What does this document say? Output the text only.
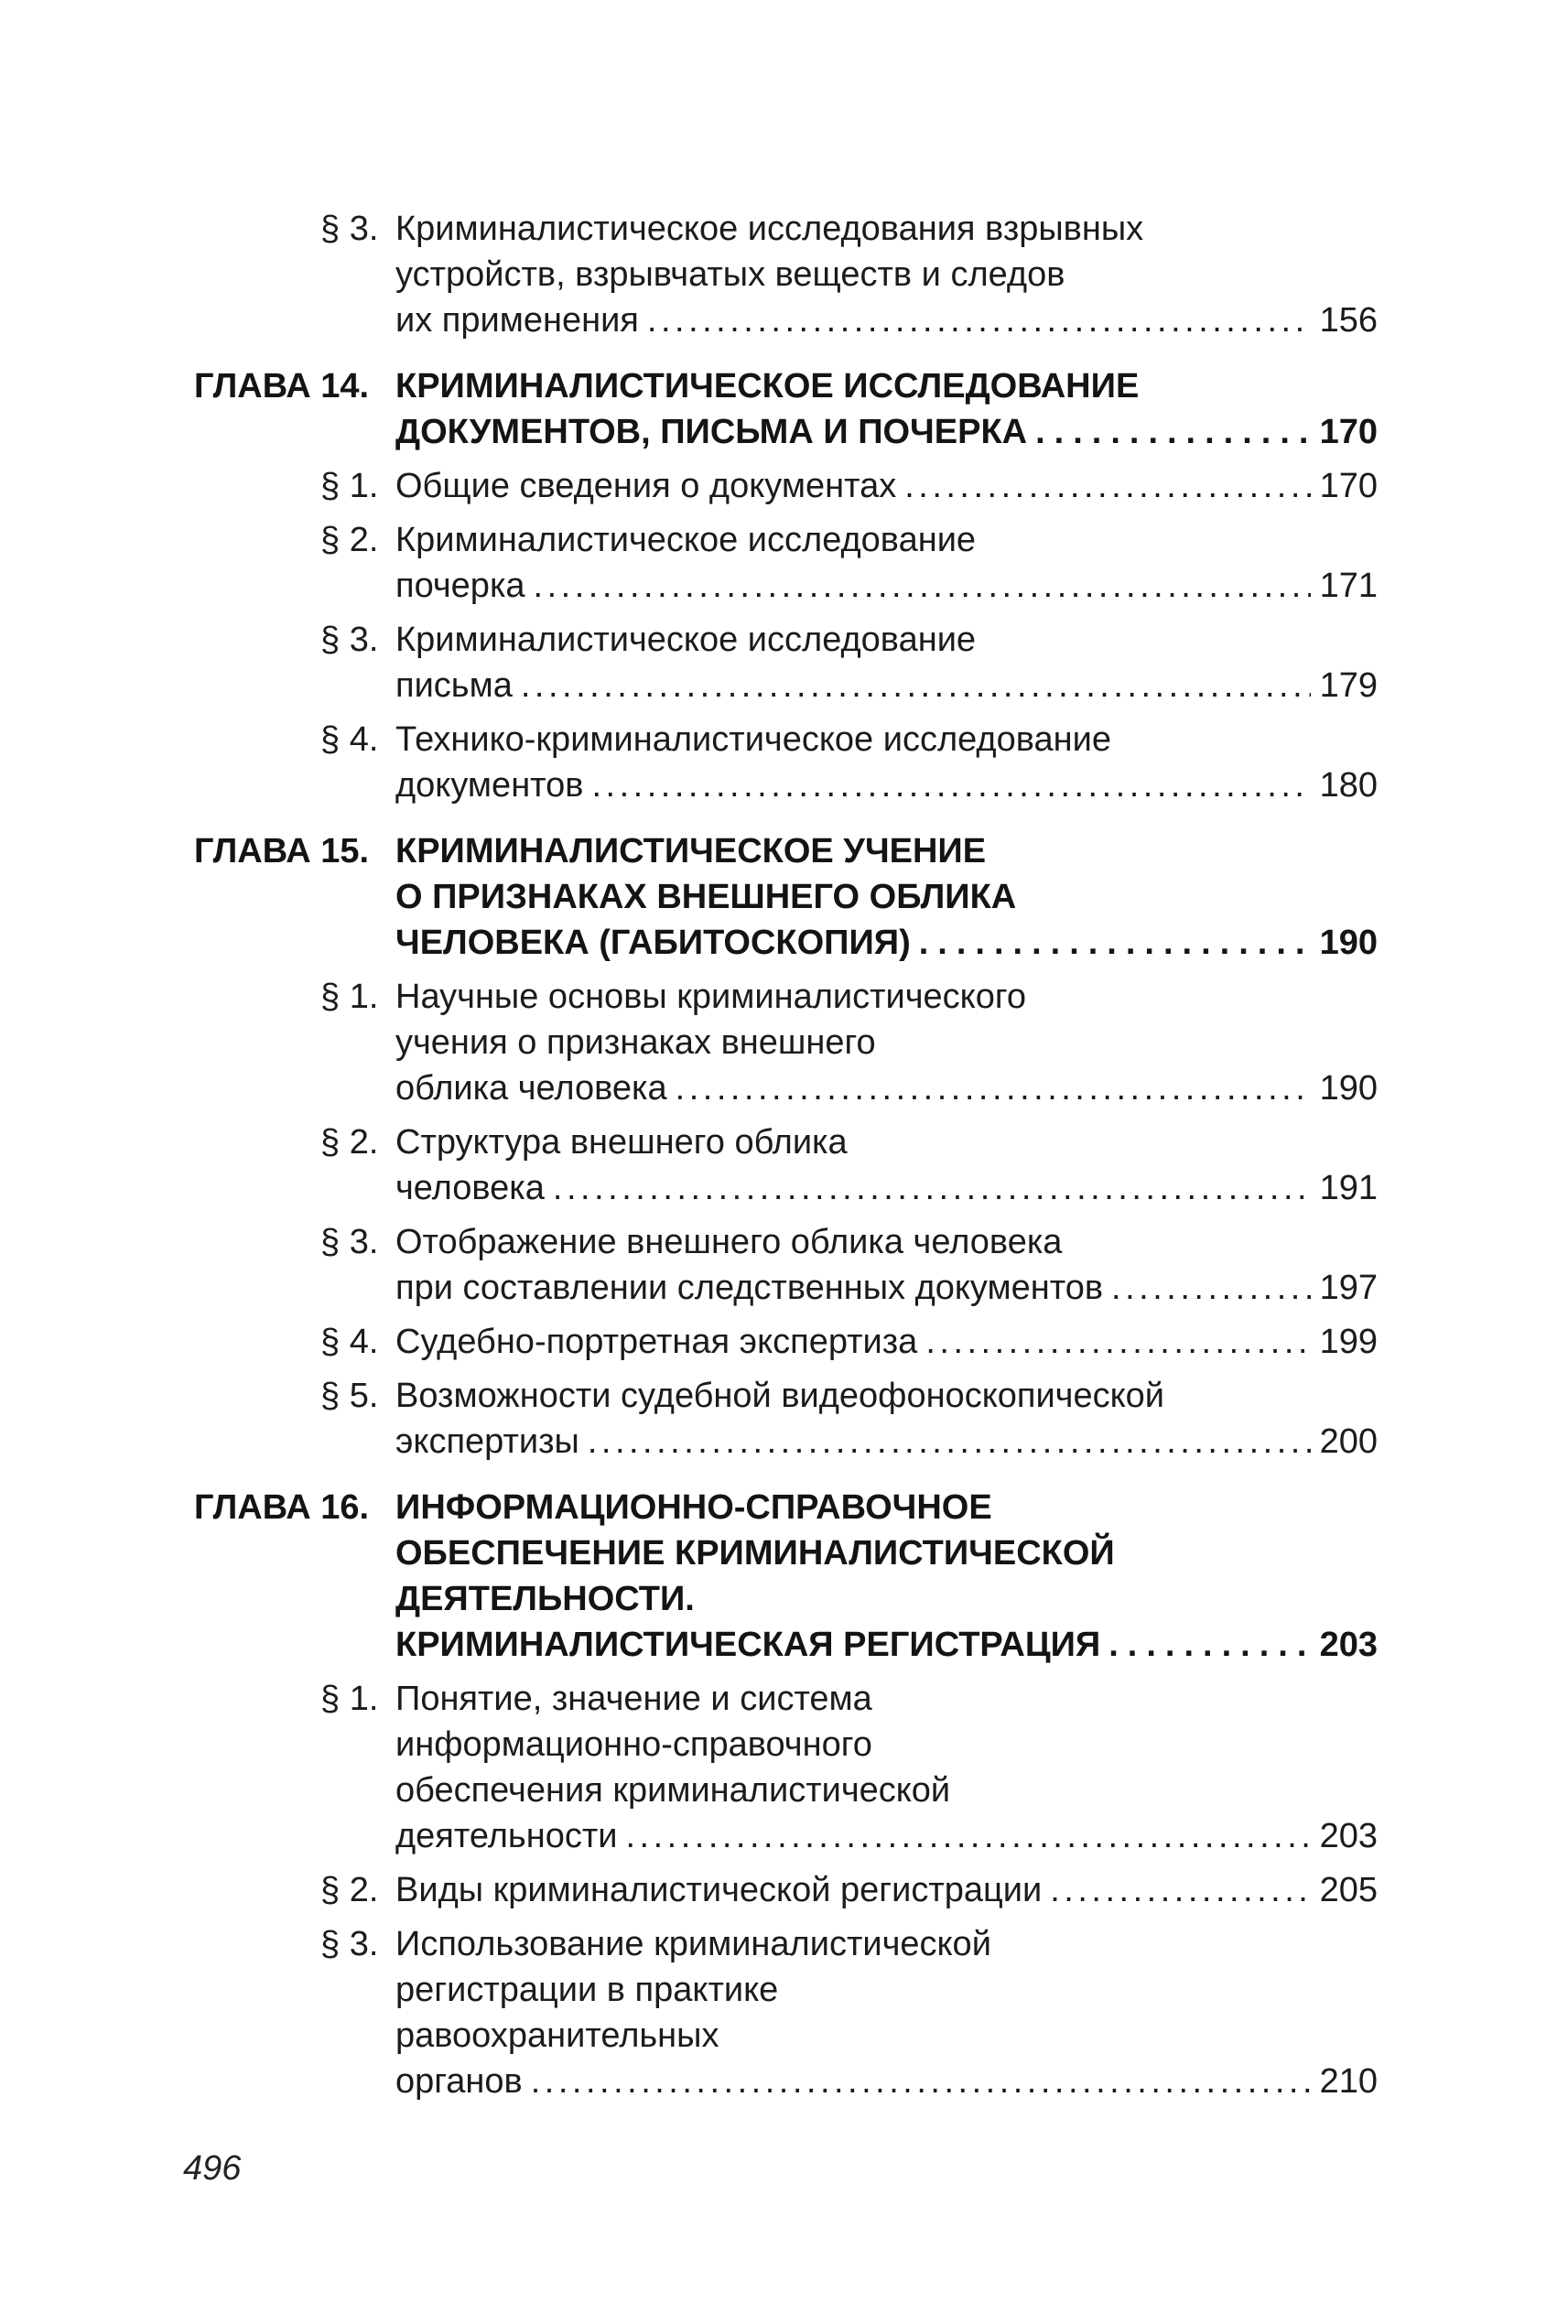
§ 3. Криминалистическое исследования взрывных
устройств, взрывчатых веществ и следов
их применения .....	156
ГЛАВА 14. КРИМИНАЛИСТИЧЕСКОЕ ИССЛЕДОВАНИЕ
ДОКУМЕНТОВ, ПИСЬМА И ПОЧЕРКА .....	170
§ 1. Общие сведения о документах .....	170
§ 2. Криминалистическое исследование
почерка .....	171
§ 3. Криминалистическое исследование
письма .....	179
§ 4. Технико-криминалистическое исследование
документов .....	180
ГЛАВА 15. КРИМИНАЛИСТИЧЕСКОЕ УЧЕНИЕ
О ПРИЗНАКАХ ВНЕШНЕГО ОБЛИКА
ЧЕЛОВЕКА (ГАБИТОСКОПИЯ) .....	190
§ 1. Научные основы криминалистического
учения о признаках внешнего
облика человека .....	190
§ 2. Структура внешнего облика
человека .....	191
§ 3. Отображение внешнего облика человека
при составлении следственных документов .....	197
§ 4. Судебно-портретная экспертиза .....	199
§ 5. Возможности судебной видеофоноскопической
экспертизы .....	200
ГЛАВА 16. ИНФОРМАЦИОННО-СПРАВОЧНОЕ
ОБЕСПЕЧЕНИЕ КРИМИНАЛИСТИЧЕСКОЙ
ДЕЯТЕЛЬНОСТИ.
КРИМИНАЛИСТИЧЕСКАЯ РЕГИСТРАЦИЯ .....	203
§ 1. Понятие, значение и система
информационно-справочного
обеспечения криминалистической
деятельности .....	203
§ 2. Виды криминалистической регистрации .....	205
§ 3. Использование криминалистической
регистрации в практике
равоохранительных
органов .....	210
496
